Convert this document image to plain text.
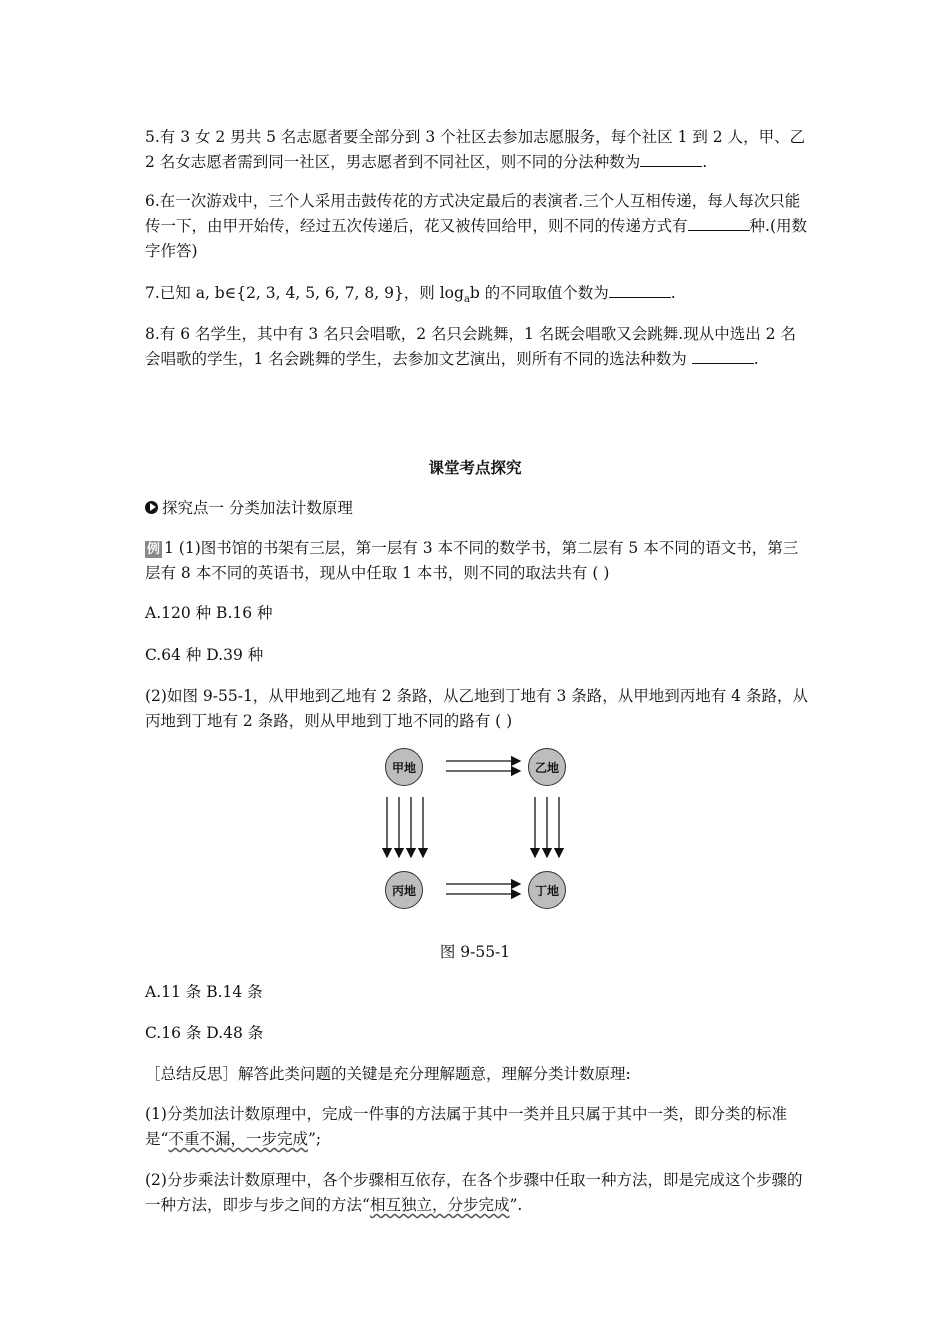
5.有 3 女 2 男共 5 名志愿者要全部分到 3 个社区去参加志愿服务，每个社区 1 到 2 人，甲、乙 2 名女志愿者需到同一社区，男志愿者到不同社区，则不同的分法种数为	.

6.在一次游戏中，三个人采用击鼓传花的方式决定最后的表演者.三个人互相传递，每人每次只能传一下，由甲开始传，经过五次传递后，花又被传回给甲，则不同的传递方式有	种.(用数字作答)

7.已知 a, b∈{2, 3, 4, 5, 6, 7, 8, 9}，则 $\log_ab$ 的不同取值个数为	.

8.有 6 名学生，其中有 3 名只会唱歌，2 名只会跳舞，1 名既会唱歌又会跳舞.现从中选出 2 名会唱歌的学生，1 名会跳舞的学生，去参加文艺演出，则所有不同的选法种数为	.

课堂考点探究
探究点一 分类加法计数原理

例 1 (1)图书馆的书架有三层，第一层有 3 本不同的数学书，第二层有 5 本不同的语文书，第三层有 8 本不同的英语书，现从中任取 1 本书，则不同的取法共有 ( )

A.120 种 B.16 种

C.64 种 D.39 种

(2)如图 9-55-1，从甲地到乙地有 2 条路，从乙地到丁地有 3 条路，从甲地到丙地有 4 条路，从丙地到丁地有 2 条路，则从甲地到丁地不同的路有 ( )

甲地	乙地
丙地	丁地
图 9-55-1

A.11 条 B.14 条

C.16 条 D.48 条

［总结反思］解答此类问题的关键是充分理解题意，理解分类计数原理:

(1)分类加法计数原理中，完成一件事的方法属于其中一类并且只属于其中一类，即分类的标准是“不重不漏，一步完成”;

(2)分步乘法计数原理中，各个步骤相互依存，在各个步骤中任取一种方法，即是完成这个步骤的一种方法，即步与步之间的方法“相互独立，分步完成”.
